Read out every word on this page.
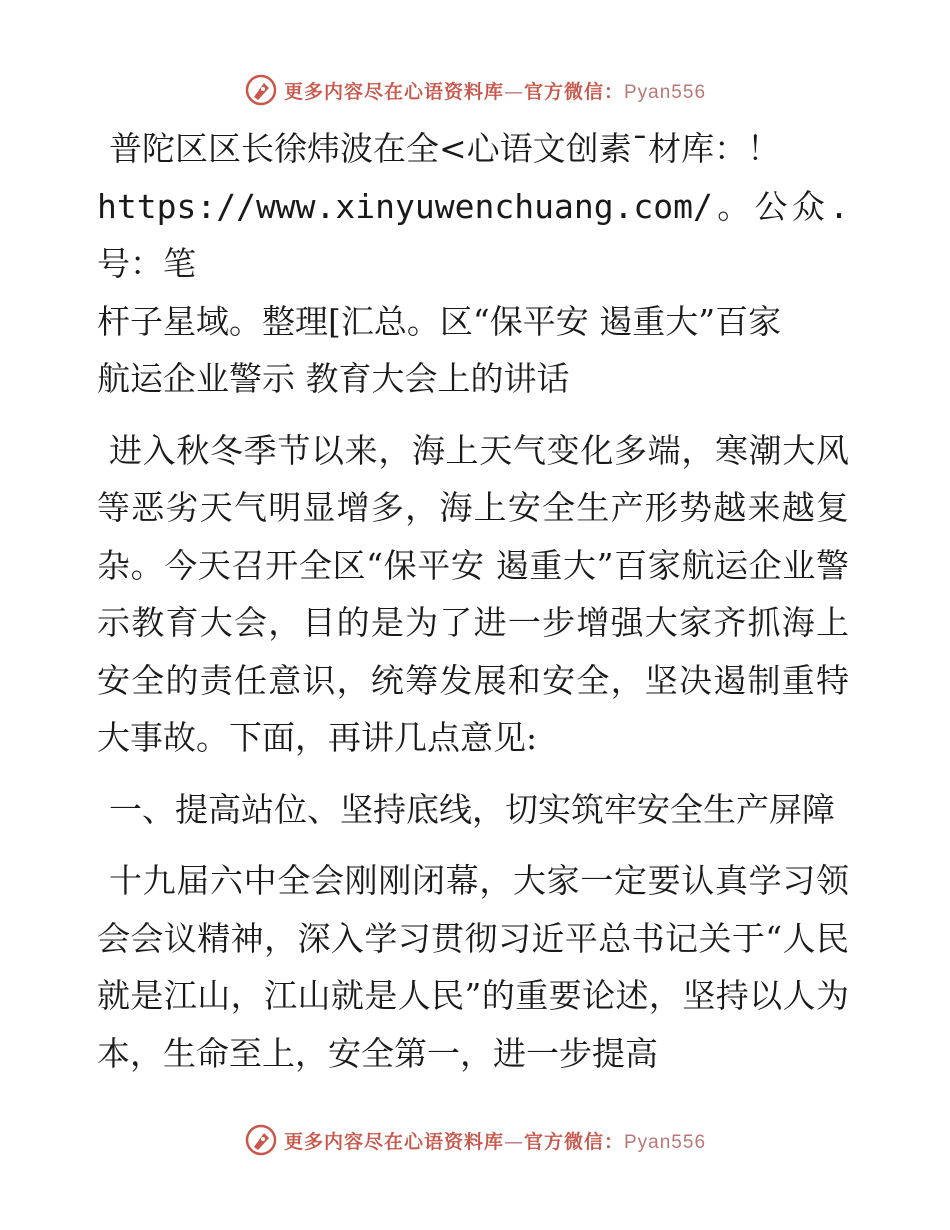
更多内容尽在心语资料库—官方微信：Pyan556

普陀区区长徐炜波在全<心语文创素¯材库：！
https://www.xinyuwenchuang.com/。公众.号：笔
杆子星域。整理[汇总。区“保平安 遏重大”百家
航运企业警示 教育大会上的讲话

进入秋冬季节以来，海上天气变化多端，寒潮大风等恶劣天气明显增多，海上安全生产形势越来越复杂。今天召开全区“保平安 遏重大”百家航运企业警示教育大会，目的是为了进一步增强大家齐抓海上安全的责任意识，统筹发展和安全，坚决遏制重特大事故。下面，再讲几点意见:

一、提高站位、坚持底线，切实筑牢安全生产屏障

十九届六中全会刚刚闭幕，大家一定要认真学习领会会议精神，深入学习贯彻习近平总书记关于“人民就是江山，江山就是人民”的重要论述，坚持以人为本，生命至上，安全第一，进一步提高

更多内容尽在心语资料库—官方微信：Pyan556
